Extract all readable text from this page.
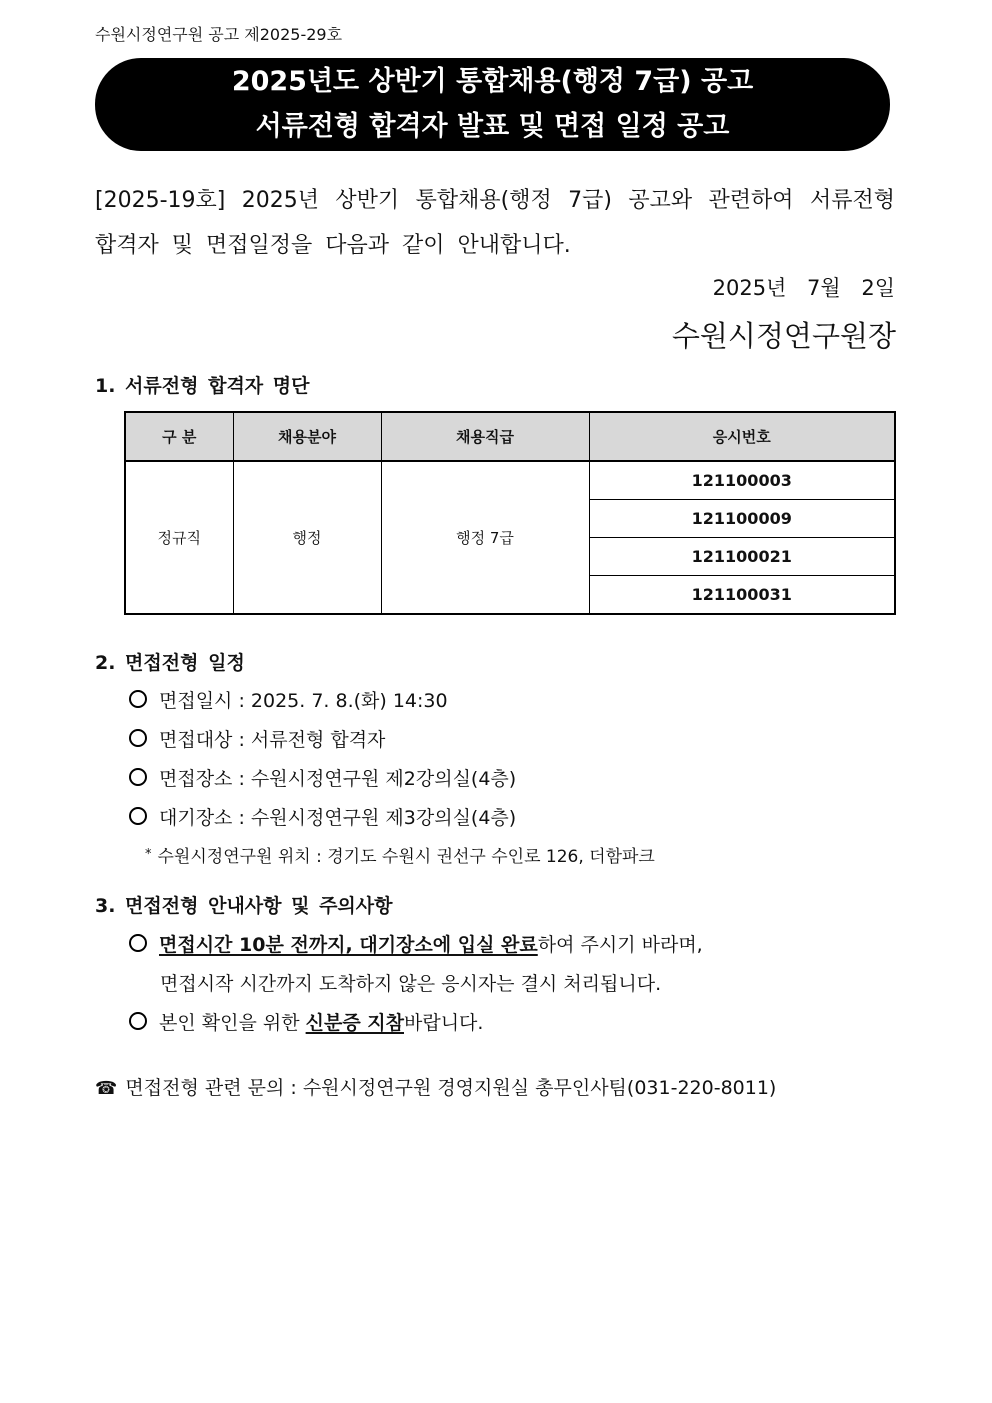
수원시정연구원 공고 제2025-29호
2025년도 상반기 통합채용(행정 7급) 공고
서류전형 합격자 발표 및 면접 일정 공고
[2025-19호] 2025년 상반기 통합채용(행정 7급) 공고와 관련하여 서류전형 합격자 및 면접일정을 다음과 같이 안내합니다.
2025년 7월 2일
수원시정연구원장
1. 서류전형 합격자 명단
구 분	채용분야	채용직급	응시번호
정규직	행정	행정 7급	121100003
			121100009
			121100021
			121100031
2. 면접전형 일정
면접일시 : 2025. 7. 8.(화) 14:30
면접대상 : 서류전형 합격자
면접장소 : 수원시정연구원 제2강의실(4층)
대기장소 : 수원시정연구원 제3강의실(4층)
* 수원시정연구원 위치 : 경기도 수원시 권선구 수인로 126, 더함파크
3. 면접전형 안내사항 및 주의사항
면접시간 10분 전까지, 대기장소에 입실 완료하여 주시기 바라며,
면접시작 시간까지 도착하지 않은 응시자는 결시 처리됩니다.
본인 확인을 위한 신분증 지참바랍니다.
☎ 면접전형 관련 문의 : 수원시정연구원 경영지원실 총무인사팀(031-220-8011)
